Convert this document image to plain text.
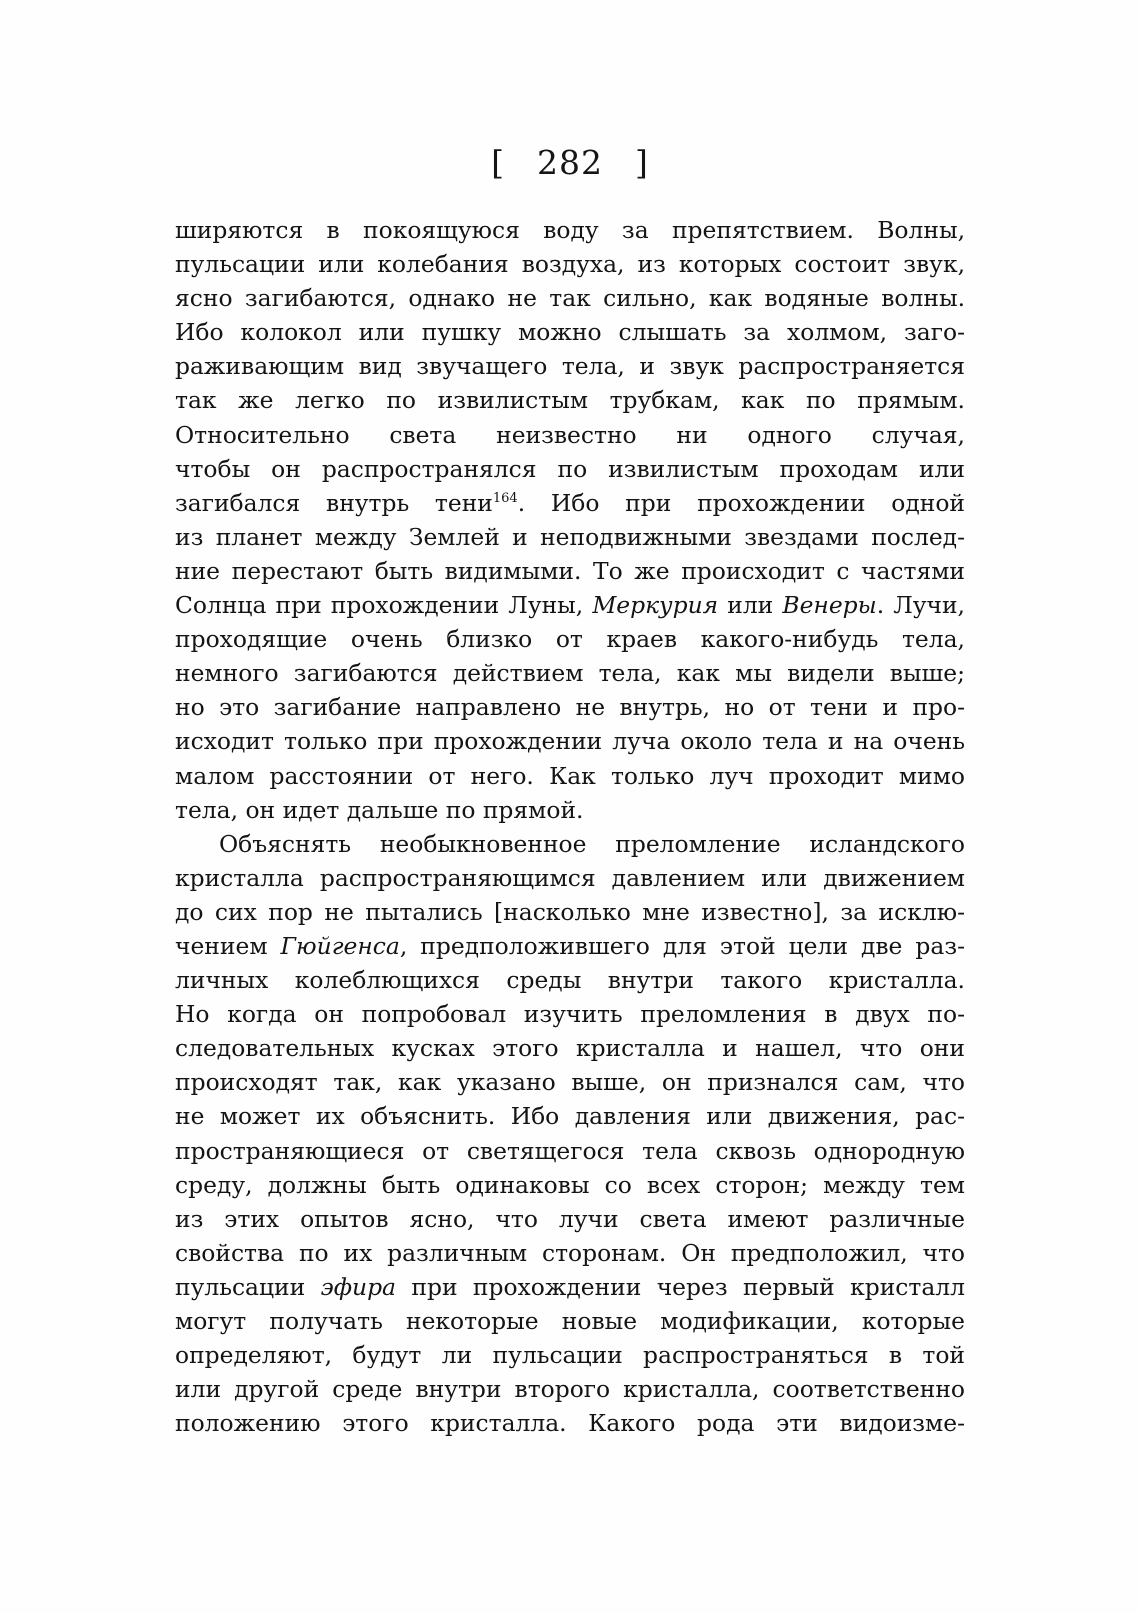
[ 282 ]
ширяются в покоящуюся воду за препятствием. Волны,
пульсации или колебания воздуха, из которых состоит звук,
ясно загибаются, однако не так сильно, как водяные волны.
Ибо колокол или пушку можно слышать за холмом, заго-
раживающим вид звучащего тела, и звук распространяется
так же легко по извилистым трубкам, как по прямым.
Относительно света неизвестно ни одного случая,
чтобы он распространялся по извилистым проходам или
загибался внутрь тени$^{164}$. Ибо при прохождении одной
из планет между Землей и неподвижными звездами послед-
ние перестают быть видимыми. То же происходит с частями
Солнца при прохождении Луны, Меркурия или Венеры. Лучи,
проходящие очень близко от краев какого-нибудь тела,
немного загибаются действием тела, как мы видели выше;
но это загибание направлено не внутрь, но от тени и про-
исходит только при прохождении луча около тела и на очень
малом расстоянии от него. Как только луч проходит мимо
тела, он идет дальше по прямой.
Объяснять необыкновенное преломление исландского
кристалла распространяющимся давлением или движением
до сих пор не пытались [насколько мне известно], за исклю-
чением Гюйгенса, предположившего для этой цели две раз-
личных колеблющихся среды внутри такого кристалла.
Но когда он попробовал изучить преломления в двух по-
следовательных кусках этого кристалла и нашел, что они
происходят так, как указано выше, он признался сам, что
не может их объяснить. Ибо давления или движения, рас-
пространяющиеся от светящегося тела сквозь однородную
среду, должны быть одинаковы со всех сторон; между тем
из этих опытов ясно, что лучи света имеют различные
свойства по их различным сторонам. Он предположил, что
пульсации эфира при прохождении через первый кристалл
могут получать некоторые новые модификации, которые
определяют, будут ли пульсации распространяться в той
или другой среде внутри второго кристалла, соответственно
положению этого кристалла. Какого рода эти видоизме-
